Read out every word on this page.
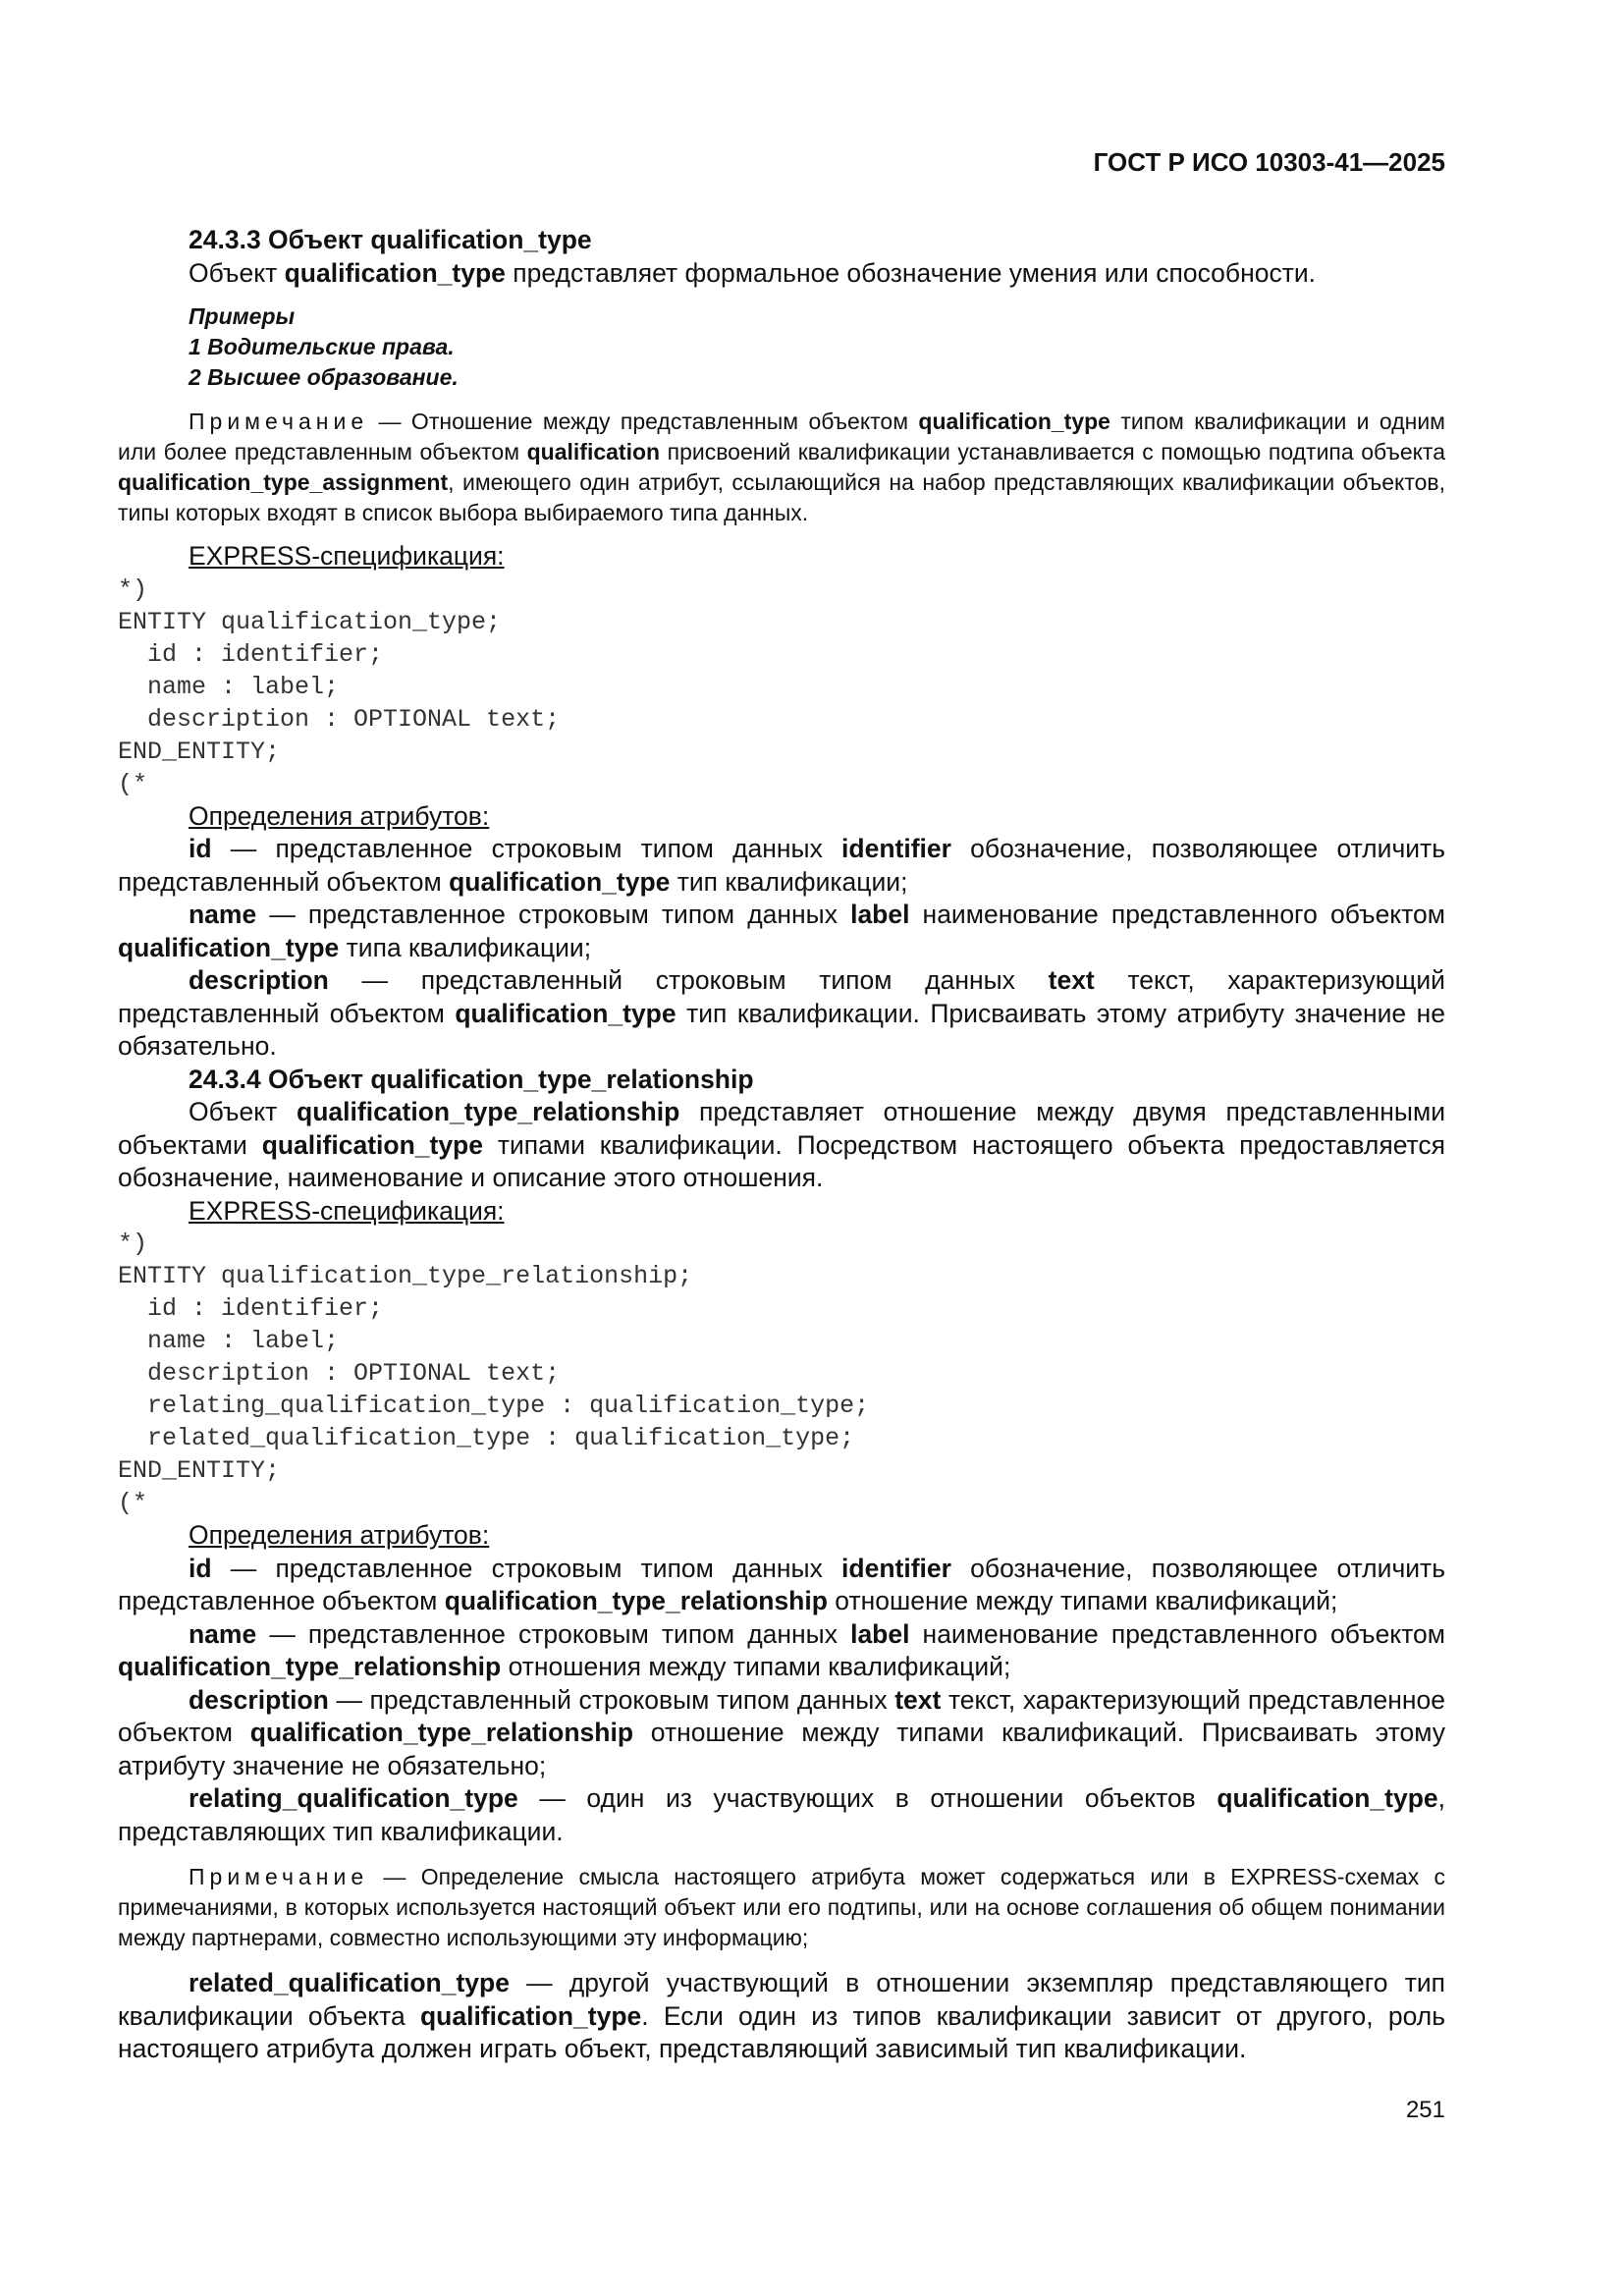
ГОСТ Р ИСО 10303-41—2025
24.3.3 Объект qualification_type

Объект qualification_type представляет формальное обозначение умения или способности.

Примеры
1 Водительские права.
2 Высшее образование.

Примечание — Отношение между представленным объектом qualification_type типом квалификации и одним или более представленным объектом qualification присвоений квалификации устанавливается с помощью подтипа объекта qualification_type_assignment, имеющего один атрибут, ссылающийся на набор представляющих квалификации объектов, типы которых входят в список выбора выбираемого типа данных.

EXPRESS-спецификация:
*)
ENTITY qualification_type;
id : identifier;
name : label;
description : OPTIONAL text;
END_ENTITY;
(*
Определения атрибутов:

id — представленное строковым типом данных identifier обозначение, позволяющее отличить представленный объектом qualification_type тип квалификации;

name — представленное строковым типом данных label наименование представленного объектом qualification_type типа квалификации;

description — представленный строковым типом данных text текст, характеризующий представленный объектом qualification_type тип квалификации. Присваивать этому атрибуту значение не обязательно.

24.3.4 Объект qualification_type_relationship

Объект qualification_type_relationship представляет отношение между двумя представленными объектами qualification_type типами квалификации. Посредством настоящего объекта предоставляется обозначение, наименование и описание этого отношения.

EXPRESS-спецификация:
*)
ENTITY qualification_type_relationship;
id : identifier;
name : label;
description : OPTIONAL text;
relating_qualification_type : qualification_type;
related_qualification_type : qualification_type;
END_ENTITY;
(*
Определения атрибутов:

id — представленное строковым типом данных identifier обозначение, позволяющее отличить представленное объектом qualification_type_relationship отношение между типами квалификаций;

name — представленное строковым типом данных label наименование представленного объектом qualification_type_relationship отношения между типами квалификаций;

description — представленный строковым типом данных text текст, характеризующий представленное объектом qualification_type_relationship отношение между типами квалификаций. Присваивать этому атрибуту значение не обязательно;

relating_qualification_type — один из участвующих в отношении объектов qualification_type, представляющих тип квалификации.

Примечание — Определение смысла настоящего атрибута может содержаться или в EXPRESS-схемах с примечаниями, в которых используется настоящий объект или его подтипы, или на основе соглашения об общем понимании между партнерами, совместно использующими эту информацию;

related_qualification_type — другой участвующий в отношении экземпляр представляющего тип квалификации объекта qualification_type. Если один из типов квалификации зависит от другого, роль настоящего атрибута должен играть объект, представляющий зависимый тип квалификации.

251
